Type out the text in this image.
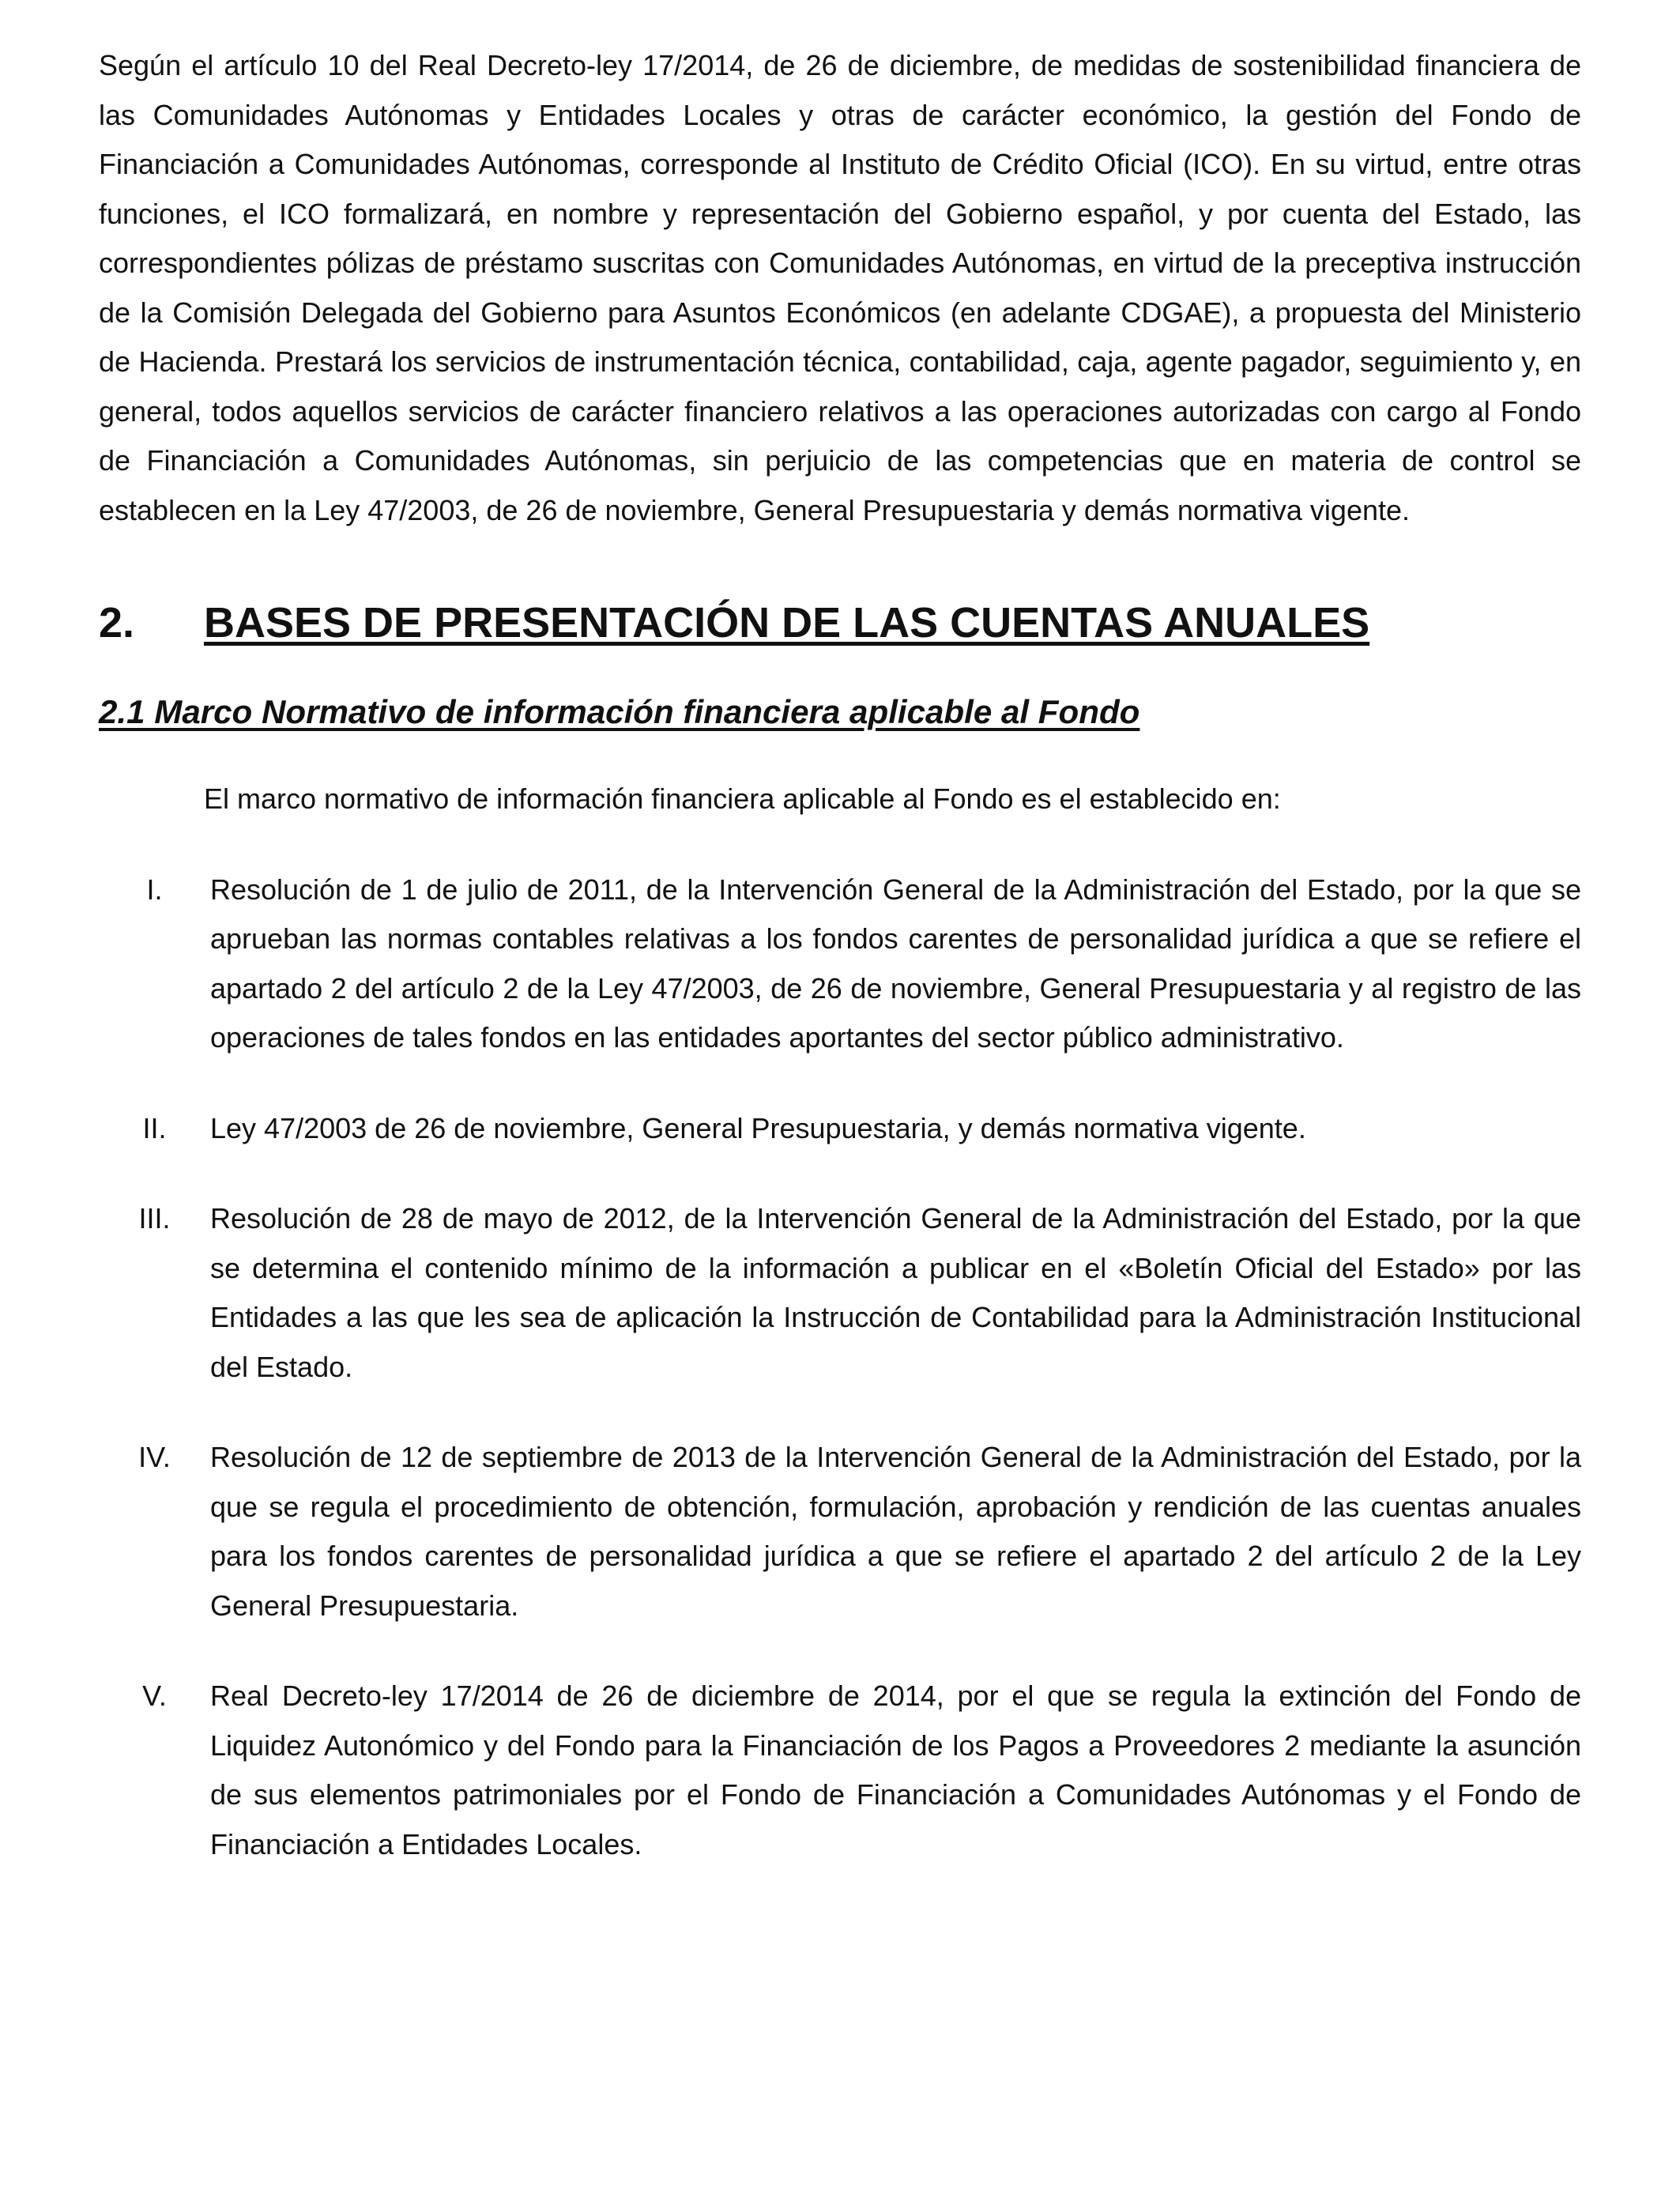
Según el artículo 10 del Real Decreto-ley 17/2014, de 26 de diciembre, de medidas de sostenibilidad financiera de las Comunidades Autónomas y Entidades Locales y otras de carácter económico, la gestión del Fondo de Financiación a Comunidades Autónomas, corresponde al Instituto de Crédito Oficial (ICO). En su virtud, entre otras funciones, el ICO formalizará, en nombre y representación del Gobierno español, y por cuenta del Estado, las correspondientes pólizas de préstamo suscritas con Comunidades Autónomas, en virtud de la preceptiva instrucción de la Comisión Delegada del Gobierno para Asuntos Económicos (en adelante CDGAE), a propuesta del Ministerio de Hacienda. Prestará los servicios de instrumentación técnica, contabilidad, caja, agente pagador, seguimiento y, en general, todos aquellos servicios de carácter financiero relativos a las operaciones autorizadas con cargo al Fondo de Financiación a Comunidades Autónomas, sin perjuicio de las competencias que en materia de control se establecen en la Ley 47/2003, de 26 de noviembre, General Presupuestaria y demás normativa vigente.

2.	BASES DE PRESENTACIÓN DE LAS CUENTAS ANUALES
2.1 Marco Normativo de información financiera aplicable al Fondo

El marco normativo de información financiera aplicable al Fondo es el establecido en:

I.	Resolución de 1 de julio de 2011, de la Intervención General de la Administración del Estado, por la que se aprueban las normas contables relativas a los fondos carentes de personalidad jurídica a que se refiere el apartado 2 del artículo 2 de la Ley 47/2003, de 26 de noviembre, General Presupuestaria y al registro de las operaciones de tales fondos en las entidades aportantes del sector público administrativo.
II.	Ley 47/2003 de 26 de noviembre, General Presupuestaria, y demás normativa vigente.
III.	Resolución de 28 de mayo de 2012, de la Intervención General de la Administración del Estado, por la que se determina el contenido mínimo de la información a publicar en el «Boletín Oficial del Estado» por las Entidades a las que les sea de aplicación la Instrucción de Contabilidad para la Administración Institucional del Estado.
IV.	Resolución de 12 de septiembre de 2013 de la Intervención General de la Administración del Estado, por la que se regula el procedimiento de obtención, formulación, aprobación y rendición de las cuentas anuales para los fondos carentes de personalidad jurídica a que se refiere el apartado 2 del artículo 2 de la Ley General Presupuestaria.
V.	Real Decreto-ley 17/2014 de 26 de diciembre de 2014, por el que se regula la extinción del Fondo de Liquidez Autonómico y del Fondo para la Financiación de los Pagos a Proveedores 2 mediante la asunción de sus elementos patrimoniales por el Fondo de Financiación a Comunidades Autónomas y el Fondo de Financiación a Entidades Locales.
